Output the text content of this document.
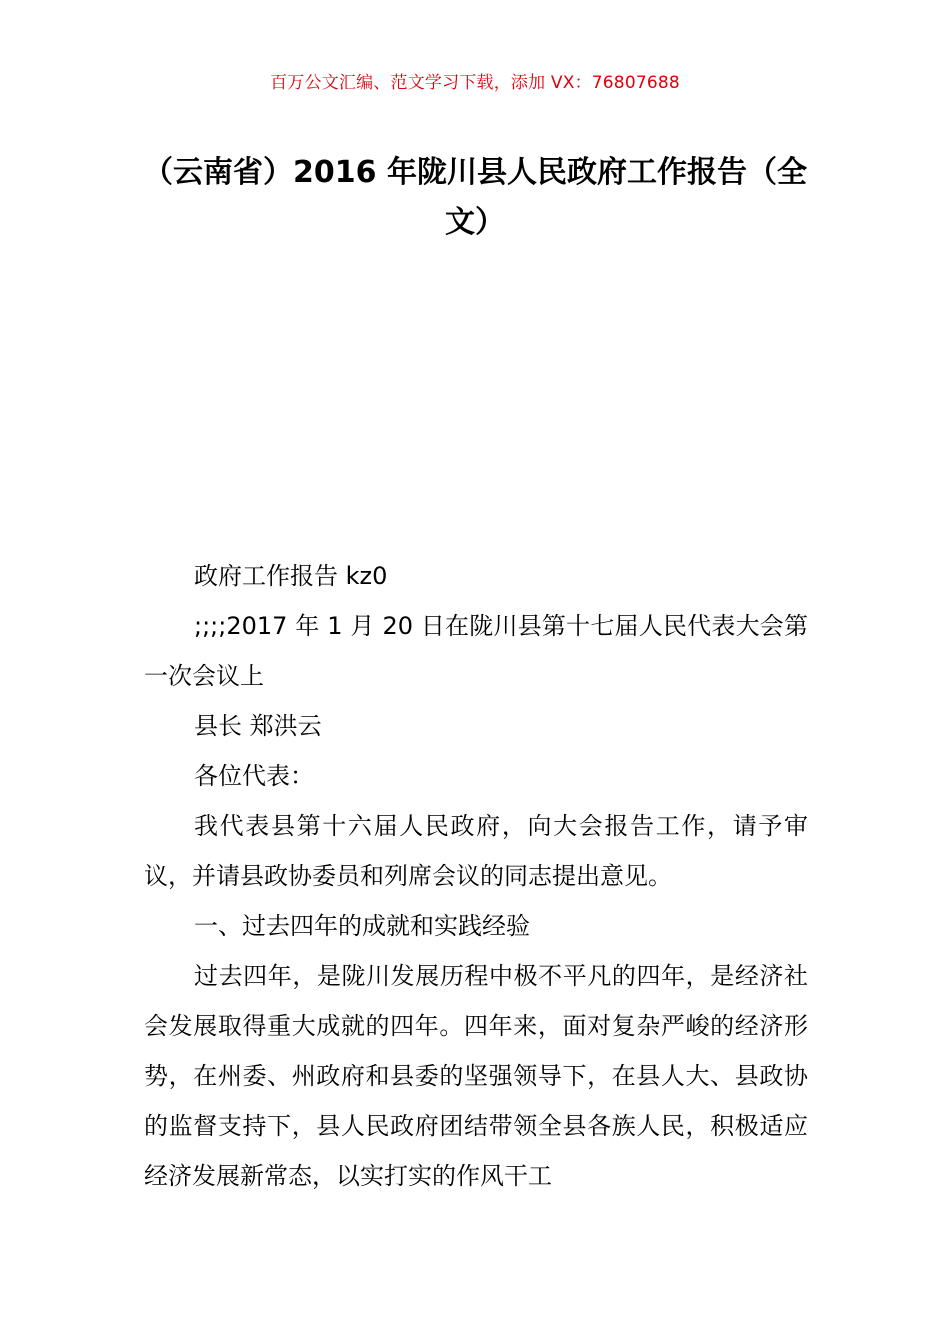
百万公文汇编、范文学习下载，添加 VX：76807688
（云南省）2016 年陇川县人民政府工作报告（全文）

政府工作报告 kz0

;;;;2017 年 1 月 20 日在陇川县第十七届人民代表大会第一次会议上

县长 郑洪云

各位代表：

我代表县第十六届人民政府，向大会报告工作，请予审议，并请县政协委员和列席会议的同志提出意见。

一、过去四年的成就和实践经验

过去四年，是陇川发展历程中极不平凡的四年，是经济社会发展取得重大成就的四年。四年来，面对复杂严峻的经济形势，在州委、州政府和县委的坚强领导下，在县人大、县政协的监督支持下，县人民政府团结带领全县各族人民，积极适应经济发展新常态，以实打实的作风干工
